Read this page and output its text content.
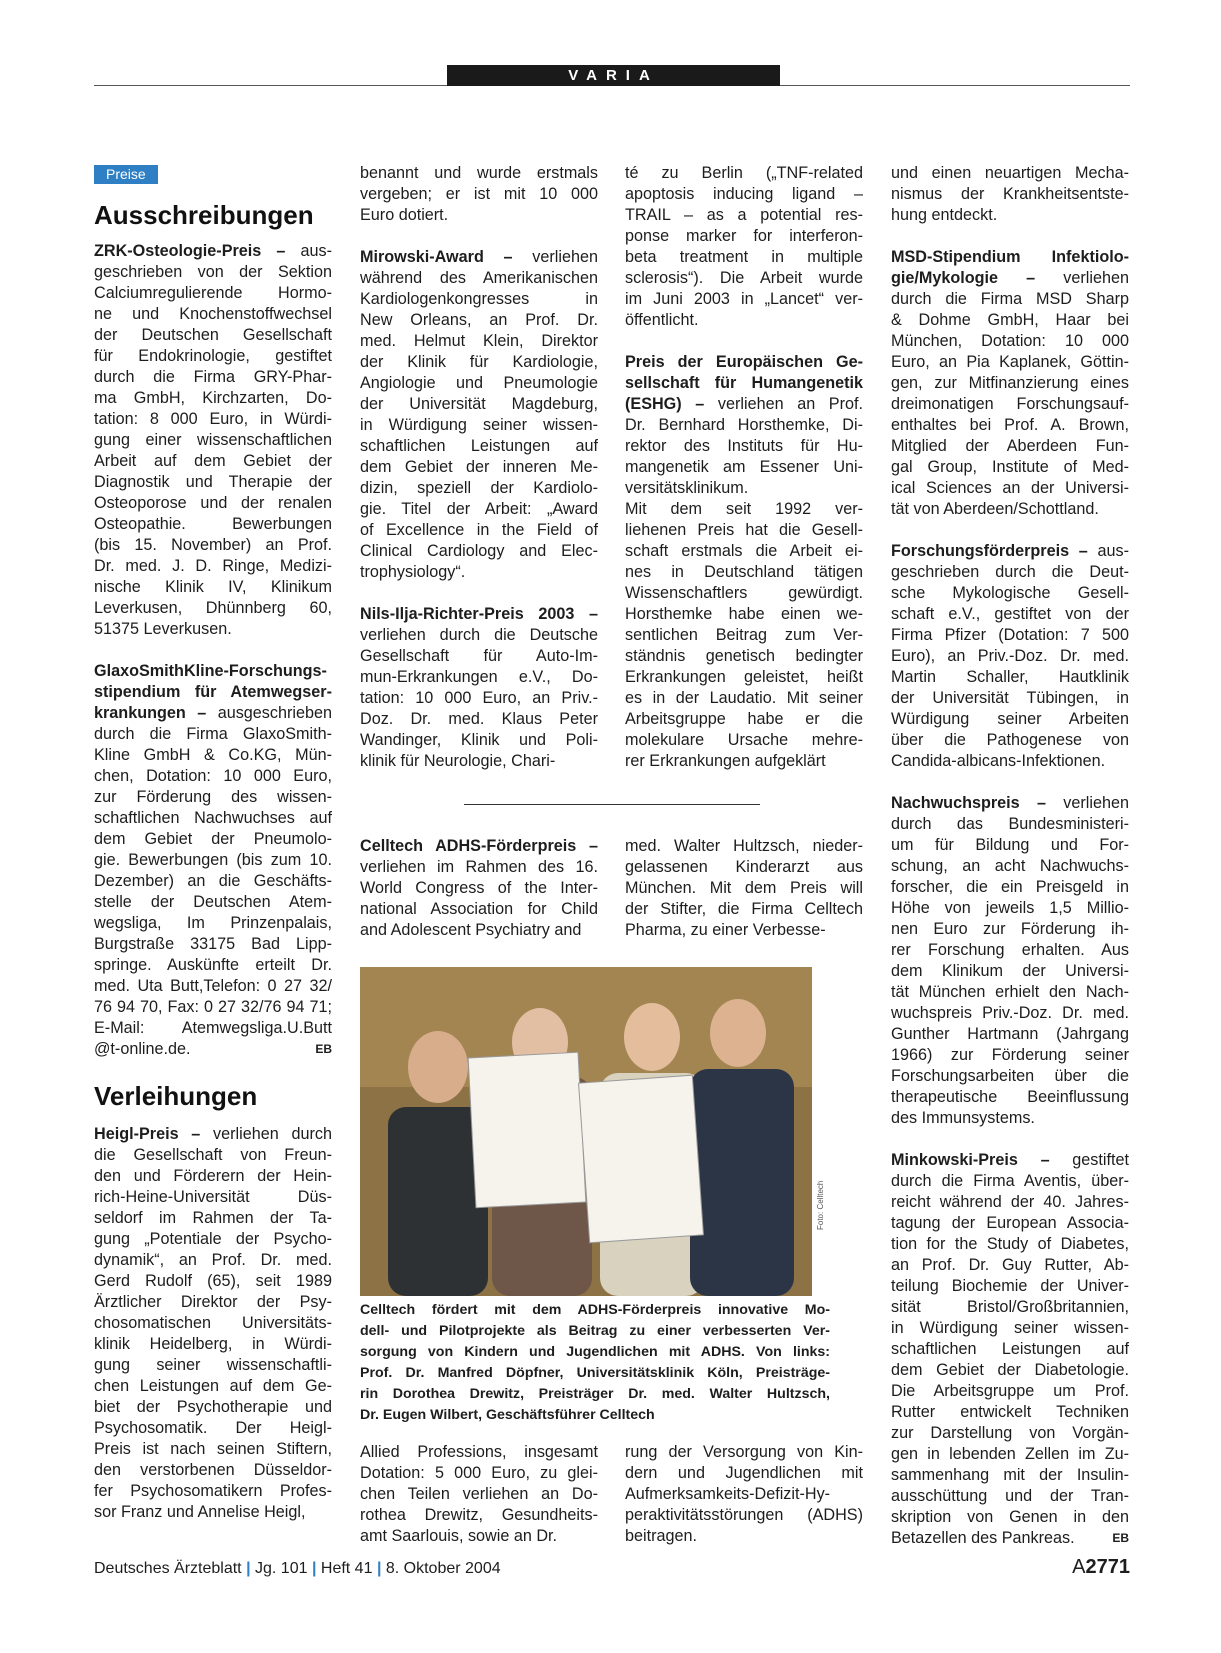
VARIA
Preise
Ausschreibungen
ZRK-Osteologie-Preis – aus-
geschrieben von der Sektion
Calciumregulierende Hormo-
ne und Knochenstoffwechsel
der Deutschen Gesellschaft
für Endokrinologie, gestiftet
durch die Firma GRY-Phar-
ma GmbH, Kirchzarten, Do-
tation: 8 000 Euro, in Würdi-
gung einer wissenschaftlichen
Arbeit auf dem Gebiet der
Diagnostik und Therapie der
Osteoporose und der renalen
Osteopathie. Bewerbungen
(bis 15. November) an Prof.
Dr. med. J. D. Ringe, Medizi-
nische Klinik IV, Klinikum
Leverkusen, Dhünnberg 60,
51375 Leverkusen.
GlaxoSmithKline-Forschungs-
stipendium für Atemwegser-
krankungen – ausgeschrieben
durch die Firma GlaxoSmith-
Kline GmbH & Co.KG, Mün-
chen, Dotation: 10 000 Euro,
zur Förderung des wissen-
schaftlichen Nachwuchses auf
dem Gebiet der Pneumolo-
gie. Bewerbungen (bis zum 10.
Dezember) an die Geschäfts-
stelle der Deutschen Atem-
wegsliga, Im Prinzenpalais,
Burgstraße 33175 Bad Lipp-
springe. Auskünfte erteilt Dr.
med. Uta Butt,Telefon: 0 27 32/
76 94 70, Fax: 0 27 32/76 94 71;
E-Mail: Atemwegsliga.U.Butt
@t-online.de.	EB
Verleihungen
Heigl-Preis – verliehen durch
die Gesellschaft von Freun-
den und Förderern der Hein-
rich-Heine-Universität Düs-
seldorf im Rahmen der Ta-
gung „Potentiale der Psycho-
dynamik“, an Prof. Dr. med.
Gerd Rudolf (65), seit 1989
Ärztlicher Direktor der Psy-
chosomatischen Universitäts-
klinik Heidelberg, in Würdi-
gung seiner wissenschaftli-
chen Leistungen auf dem Ge-
biet der Psychotherapie und
Psychosomatik. Der Heigl-
Preis ist nach seinen Stiftern,
den verstorbenen Düsseldor-
fer Psychosomatikern Profes-
sor Franz und Annelise Heigl,
benannt und wurde erstmals
vergeben; er ist mit 10 000
Euro dotiert.
Mirowski-Award – verliehen
während des Amerikanischen
Kardiologenkongresses in
New Orleans, an Prof. Dr.
med. Helmut Klein, Direktor
der Klinik für Kardiologie,
Angiologie und Pneumologie
der Universität Magdeburg,
in Würdigung seiner wissen-
schaftlichen Leistungen auf
dem Gebiet der inneren Me-
dizin, speziell der Kardiolo-
gie. Titel der Arbeit: „Award
of Excellence in the Field of
Clinical Cardiology and Elec-
trophysiology“.
Nils-Ilja-Richter-Preis 2003 –
verliehen durch die Deutsche
Gesellschaft für Auto-Im-
mun-Erkrankungen e.V., Do-
tation: 10 000 Euro, an Priv.-
Doz. Dr. med. Klaus Peter
Wandinger, Klinik und Poli-
klinik für Neurologie, Chari-
té zu Berlin („TNF-related
apoptosis inducing ligand –
TRAIL – as a potential res-
ponse marker for interferon-
beta treatment in multiple
sclerosis“). Die Arbeit wurde
im Juni 2003 in „Lancet“ ver-
öffentlicht.
Preis der Europäischen Ge-
sellschaft für Humangenetik
(ESHG) – verliehen an Prof.
Dr. Bernhard Horsthemke, Di-
rektor des Instituts für Hu-
mangenetik am Essener Uni-
versitätsklinikum.
Mit dem seit 1992 ver-
liehenen Preis hat die Gesell-
schaft erstmals die Arbeit ei-
nes in Deutschland tätigen
Wissenschaftlers gewürdigt.
Horsthemke habe einen we-
sentlichen Beitrag zum Ver-
ständnis genetisch bedingter
Erkrankungen geleistet, heißt
es in der Laudatio. Mit seiner
Arbeitsgruppe habe er die
molekulare Ursache mehre-
rer Erkrankungen aufgeklärt
Celltech ADHS-Förderpreis –
verliehen im Rahmen des 16.
World Congress of the Inter-
national Association for Child
and Adolescent Psychiatry and
med. Walter Hultzsch, nieder-
gelassenen Kinderarzt aus
München. Mit dem Preis will
der Stifter, die Firma Celltech
Pharma, zu einer Verbesse-
Foto: Celltech
Celltech fördert mit dem ADHS-Förderpreis innovative Mo-
dell- und Pilotprojekte als Beitrag zu einer verbesserten Ver-
sorgung von Kindern und Jugendlichen mit ADHS. Von links:
Prof. Dr. Manfred Döpfner, Universitätsklinik Köln, Preisträge-
rin Dorothea Drewitz, Preisträger Dr. med. Walter Hultzsch,
Dr. Eugen Wilbert, Geschäftsführer Celltech
Allied Professions, insgesamt
Dotation: 5 000 Euro, zu glei-
chen Teilen verliehen an Do-
rothea Drewitz, Gesundheits-
amt Saarlouis, sowie an Dr.
rung der Versorgung von Kin-
dern und Jugendlichen mit
Aufmerksamkeits-Defizit-Hy-
peraktivitätsstörungen (ADHS)
beitragen.
und einen neuartigen Mecha-
nismus der Krankheitsentste-
hung entdeckt.
MSD-Stipendium Infektiolo-
gie/Mykologie – verliehen
durch die Firma MSD Sharp
& Dohme GmbH, Haar bei
München, Dotation: 10 000
Euro, an Pia Kaplanek, Göttin-
gen, zur Mitfinanzierung eines
dreimonatigen Forschungsauf-
enthaltes bei Prof. A. Brown,
Mitglied der Aberdeen Fun-
gal Group, Institute of Med-
ical Sciences an der Universi-
tät von Aberdeen/Schottland.
Forschungsförderpreis – aus-
geschrieben durch die Deut-
sche Mykologische Gesell-
schaft e.V., gestiftet von der
Firma Pfizer (Dotation: 7 500
Euro), an Priv.-Doz. Dr. med.
Martin Schaller, Hautklinik
der Universität Tübingen, in
Würdigung seiner Arbeiten
über die Pathogenese von
Candida-albicans-Infektionen.
Nachwuchspreis – verliehen
durch das Bundesministeri-
um für Bildung und For-
schung, an acht Nachwuchs-
forscher, die ein Preisgeld in
Höhe von jeweils 1,5 Millio-
nen Euro zur Förderung ih-
rer Forschung erhalten. Aus
dem Klinikum der Universi-
tät München erhielt den Nach-
wuchspreis Priv.-Doz. Dr. med.
Gunther Hartmann (Jahrgang
1966) zur Förderung seiner
Forschungsarbeiten über die
therapeutische Beeinflussung
des Immunsystems.
Minkowski-Preis – gestiftet
durch die Firma Aventis, über-
reicht während der 40. Jahres-
tagung der European Associa-
tion for the Study of Diabetes,
an Prof. Dr. Guy Rutter, Ab-
teilung Biochemie der Univer-
sität Bristol/Großbritannien,
in Würdigung seiner wissen-
schaftlichen Leistungen auf
dem Gebiet der Diabetologie.
Die Arbeitsgruppe um Prof.
Rutter entwickelt Techniken
zur Darstellung von Vorgän-
gen in lebenden Zellen im Zu-
sammenhang mit der Insulin-
ausschüttung und der Tran-
skription von Genen in den
Betazellen des Pankreas.	EB
Deutsches Ärzteblatt | Jg. 101 | Heft 41 | 8. Oktober 2004	A2771
